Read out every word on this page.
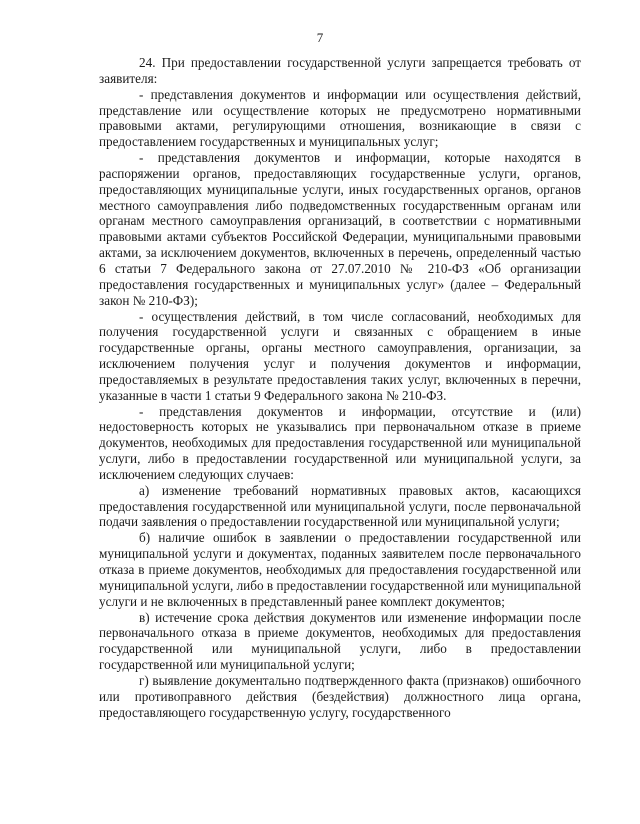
7

24. При предоставлении государственной услуги запрещается требовать от заявителя:

- представления документов и информации или осуществления действий, представление или осуществление которых не предусмотрено нормативными правовыми актами, регулирующими отношения, возникающие в связи с предоставлением государственных и муниципальных услуг;

- представления документов и информации, которые находятся в распоряжении органов, предоставляющих государственные услуги, органов, предоставляющих муниципальные услуги, иных государственных органов, органов местного самоуправления либо подведомственных государственным органам или органам местного самоуправления организаций, в соответствии с нормативными правовыми актами субъектов Российской Федерации, муниципальными правовыми актами, за исключением документов, включенных в перечень, определенный частью 6 статьи 7 Федерального закона от 27.07.2010 № 210-ФЗ «Об организации предоставления государственных и муниципальных услуг» (далее – Федеральный закон № 210-ФЗ);

- осуществления действий, в том числе согласований, необходимых для получения государственной услуги и связанных с обращением в иные государственные органы, органы местного самоуправления, организации, за исключением получения услуг и получения документов и информации, предоставляемых в результате предоставления таких услуг, включенных в перечни, указанные в части 1 статьи 9 Федерального закона № 210-ФЗ.

- представления документов и информации, отсутствие и (или) недостоверность которых не указывались при первоначальном отказе в приеме документов, необходимых для предоставления государственной или муниципальной услуги, либо в предоставлении государственной или муниципальной услуги, за исключением следующих случаев:

а) изменение требований нормативных правовых актов, касающихся предоставления государственной или муниципальной услуги, после первоначальной подачи заявления о предоставлении государственной или муниципальной услуги;

б) наличие ошибок в заявлении о предоставлении государственной или муниципальной услуги и документах, поданных заявителем после первоначального отказа в приеме документов, необходимых для предоставления государственной или муниципальной услуги, либо в предоставлении государственной или муниципальной услуги и не включенных в представленный ранее комплект документов;

в) истечение срока действия документов или изменение информации после первоначального отказа в приеме документов, необходимых для предоставления государственной или муниципальной услуги, либо в предоставлении государственной или муниципальной услуги;

г) выявление документально подтвержденного факта (признаков) ошибочного или противоправного действия (бездействия) должностного лица органа, предоставляющего государственную услугу, государственного
